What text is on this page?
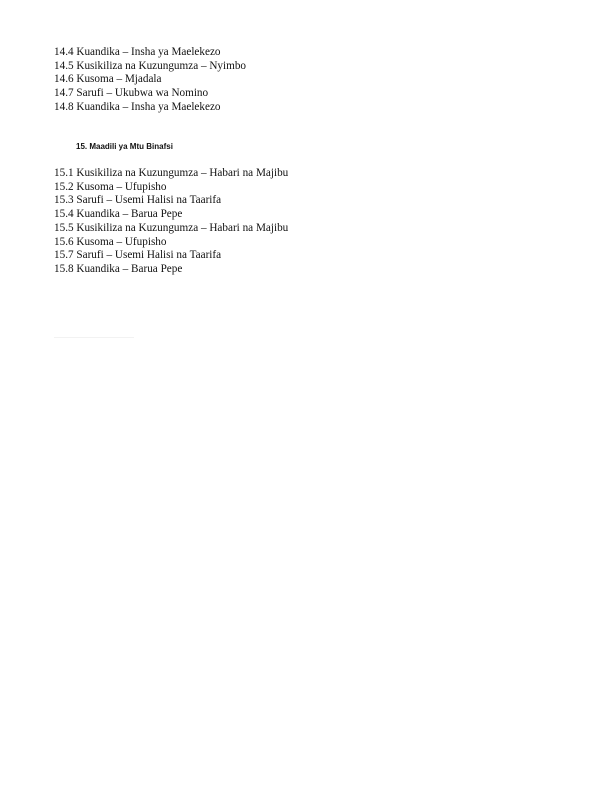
14.4 Kuandika – Insha ya Maelekezo
14.5 Kusikiliza na Kuzungumza – Nyimbo
14.6 Kusoma – Mjadala
14.7 Sarufi – Ukubwa wa Nomino
14.8 Kuandika – Insha ya Maelekezo
15. Maadili ya Mtu Binafsi
15.1 Kusikiliza na Kuzungumza – Habari na Majibu
15.2 Kusoma – Ufupisho
15.3 Sarufi – Usemi Halisi na Taarifa
15.4 Kuandika – Barua Pepe
15.5 Kusikiliza na Kuzungumza – Habari na Majibu
15.6 Kusoma – Ufupisho
15.7 Sarufi – Usemi Halisi na Taarifa
15.8 Kuandika – Barua Pepe
